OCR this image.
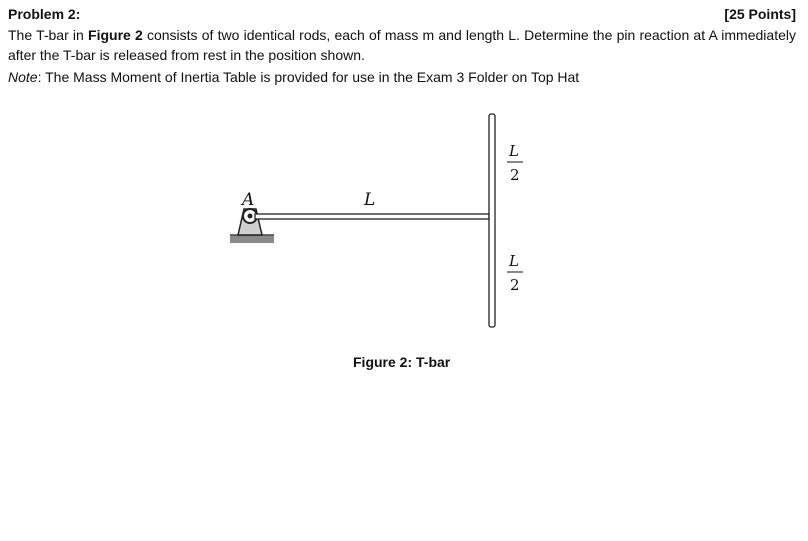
Problem 2:	[25 Points]
The T-bar in Figure 2 consists of two identical rods, each of mass m and length L. Determine the pin reaction at A immediately after the T-bar is released from rest in the position shown.
Note: The Mass Moment of Inertia Table is provided for use in the Exam 3 Folder on Top Hat
A	L
L
2
L
2
Figure 2: T-bar
